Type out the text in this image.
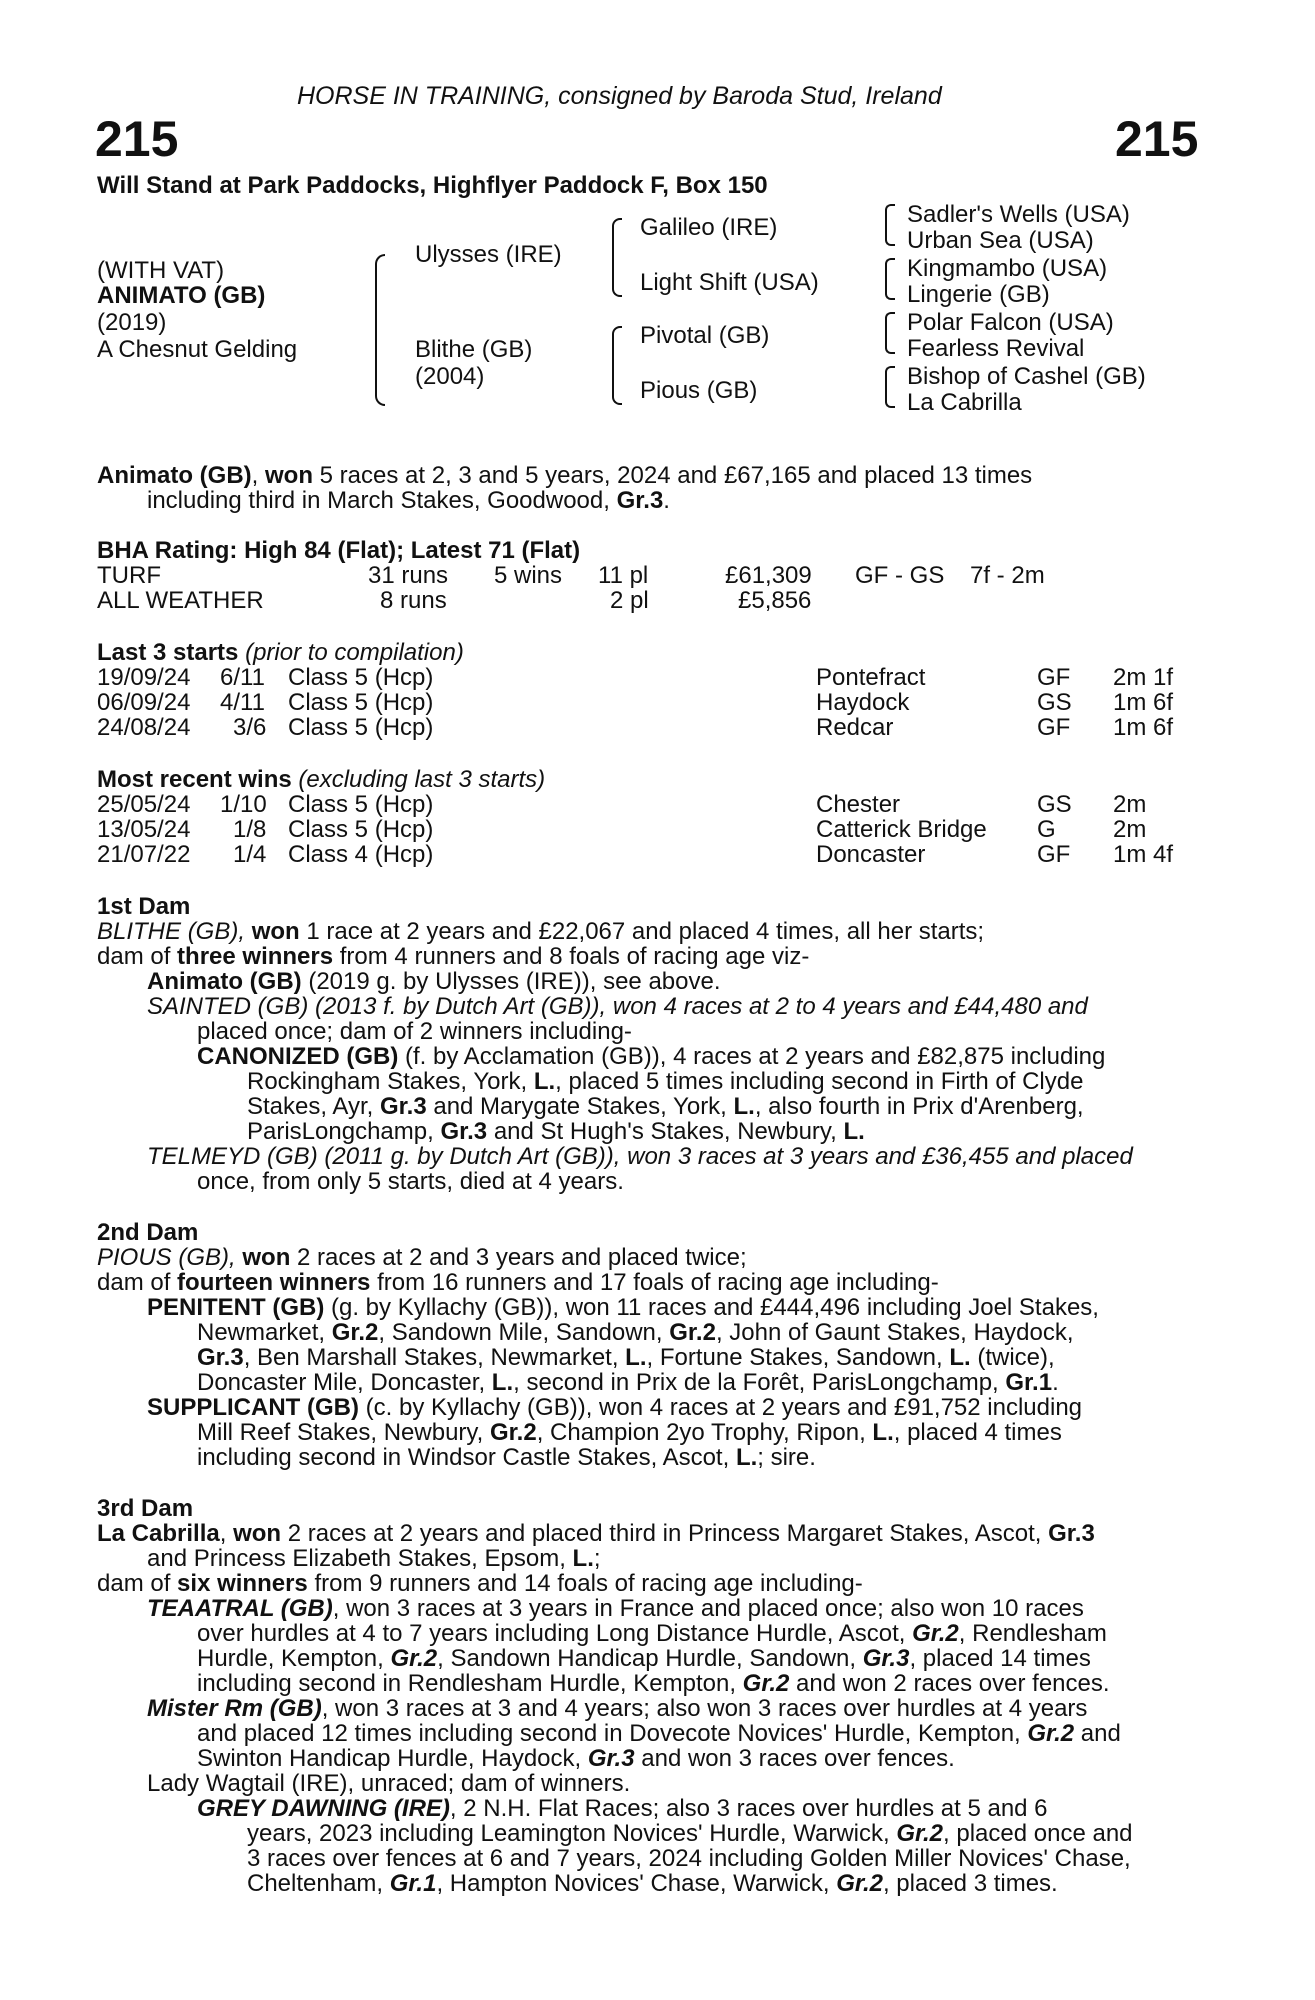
HORSE IN TRAINING, consigned by Baroda Stud, Ireland
215	215
Will Stand at Park Paddocks, Highflyer Paddock F, Box 150
(WITH VAT)
ANIMATO (GB)
(2019)
A Chesnut Gelding
Ulysses (IRE)
Blithe (GB)
(2004)
Galileo (IRE)
Light Shift (USA)
Pivotal (GB)
Pious (GB)
Sadler's Wells (USA)
Urban Sea (USA)
Kingmambo (USA)
Lingerie (GB)
Polar Falcon (USA)
Fearless Revival
Bishop of Cashel (GB)
La Cabrilla
Animato (GB), won 5 races at 2, 3 and 5 years, 2024 and £67,165 and placed 13 times
including third in March Stakes, Goodwood, Gr.3.
BHA Rating: High 84 (Flat); Latest 71 (Flat)
TURF	31 runs 5 wins 11 pl	£61,309 GF - GS 7f - 2m
ALL WEATHER	8 runs	2 pl	£5,856
Last 3 starts (prior to compilation)
19/09/24 6/11 Class 5 (Hcp)	Pontefract	GF 2m 1f
06/09/24 4/11 Class 5 (Hcp)	Haydock	GS 1m 6f
24/08/24 3/6 Class 5 (Hcp)	Redcar	GF 1m 6f
Most recent wins (excluding last 3 starts)
25/05/24 1/10 Class 5 (Hcp)	Chester	GS 2m
13/05/24 1/8 Class 5 (Hcp)	Catterick Bridge G 2m
21/07/22 1/4 Class 4 (Hcp)	Doncaster	GF 1m 4f
1st Dam
BLITHE (GB), won 1 race at 2 years and £22,067 and placed 4 times, all her starts;
dam of three winners from 4 runners and 8 foals of racing age viz-
Animato (GB) (2019 g. by Ulysses (IRE)), see above.
SAINTED (GB) (2013 f. by Dutch Art (GB)), won 4 races at 2 to 4 years and £44,480 and
placed once; dam of 2 winners including-
CANONIZED (GB) (f. by Acclamation (GB)), 4 races at 2 years and £82,875 including
Rockingham Stakes, York, L., placed 5 times including second in Firth of Clyde
Stakes, Ayr, Gr.3 and Marygate Stakes, York, L., also fourth in Prix d'Arenberg,
ParisLongchamp, Gr.3 and St Hugh's Stakes, Newbury, L.
TELMEYD (GB) (2011 g. by Dutch Art (GB)), won 3 races at 3 years and £36,455 and placed
once, from only 5 starts, died at 4 years.
2nd Dam
PIOUS (GB), won 2 races at 2 and 3 years and placed twice;
dam of fourteen winners from 16 runners and 17 foals of racing age including-
PENITENT (GB) (g. by Kyllachy (GB)), won 11 races and £444,496 including Joel Stakes,
Newmarket, Gr.2, Sandown Mile, Sandown, Gr.2, John of Gaunt Stakes, Haydock,
Gr.3, Ben Marshall Stakes, Newmarket, L., Fortune Stakes, Sandown, L. (twice),
Doncaster Mile, Doncaster, L., second in Prix de la Forêt, ParisLongchamp, Gr.1.
SUPPLICANT (GB) (c. by Kyllachy (GB)), won 4 races at 2 years and £91,752 including
Mill Reef Stakes, Newbury, Gr.2, Champion 2yo Trophy, Ripon, L., placed 4 times
including second in Windsor Castle Stakes, Ascot, L.; sire.
3rd Dam
La Cabrilla, won 2 races at 2 years and placed third in Princess Margaret Stakes, Ascot, Gr.3
and Princess Elizabeth Stakes, Epsom, L.;
dam of six winners from 9 runners and 14 foals of racing age including-
TEAATRAL (GB), won 3 races at 3 years in France and placed once; also won 10 races
over hurdles at 4 to 7 years including Long Distance Hurdle, Ascot, Gr.2, Rendlesham
Hurdle, Kempton, Gr.2, Sandown Handicap Hurdle, Sandown, Gr.3, placed 14 times
including second in Rendlesham Hurdle, Kempton, Gr.2 and won 2 races over fences.
Mister Rm (GB), won 3 races at 3 and 4 years; also won 3 races over hurdles at 4 years
and placed 12 times including second in Dovecote Novices' Hurdle, Kempton, Gr.2 and
Swinton Handicap Hurdle, Haydock, Gr.3 and won 3 races over fences.
Lady Wagtail (IRE), unraced; dam of winners.
GREY DAWNING (IRE), 2 N.H. Flat Races; also 3 races over hurdles at 5 and 6
years, 2023 including Leamington Novices' Hurdle, Warwick, Gr.2, placed once and
3 races over fences at 6 and 7 years, 2024 including Golden Miller Novices' Chase,
Cheltenham, Gr.1, Hampton Novices' Chase, Warwick, Gr.2, placed 3 times.
